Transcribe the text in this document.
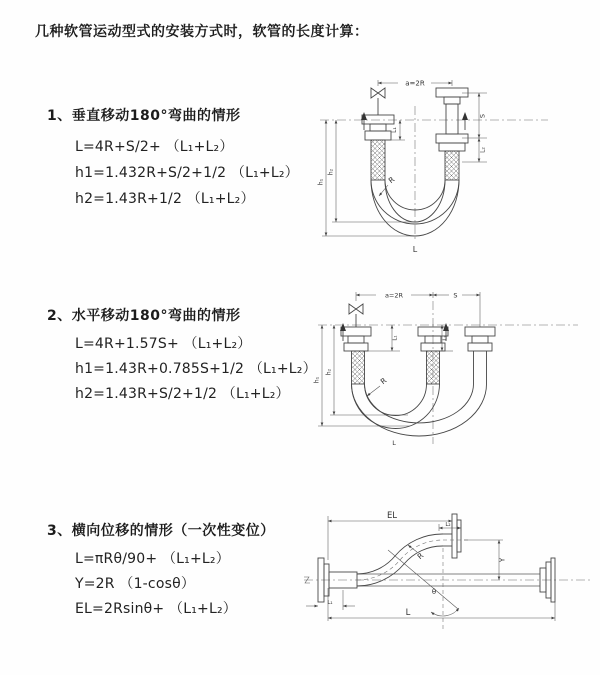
几种软管运动型式的安装方式时，软管的长度计算：
1、垂直移动180°弯曲的情形
L=4R+S/2+ （L₁+L₂）
h1=1.432R+S/2+1/2 （L₁+L₂）
h2=1.43R+1/2 （L₁+L₂）
a=2R
L₁
S
L₂
h₁
h₂
R
L
2、水平移动180°弯曲的情形
L=4R+1.57S+ （L₁+L₂）
h1=1.43R+0.785S+1/2 （L₁+L₂）
h2=1.43R+S/2+1/2 （L₁+L₂）
a=2R	S
L₁	L₂
h₁
h₂
R
L
3、横向位移的情形（一次性变位）
L=πRθ/90+ （L₁+L₂）
Y=2R （1-cosθ）
EL=2Rsinθ+ （L₁+L₂）
θ
R
EL
L₂
Y
L
L₁
